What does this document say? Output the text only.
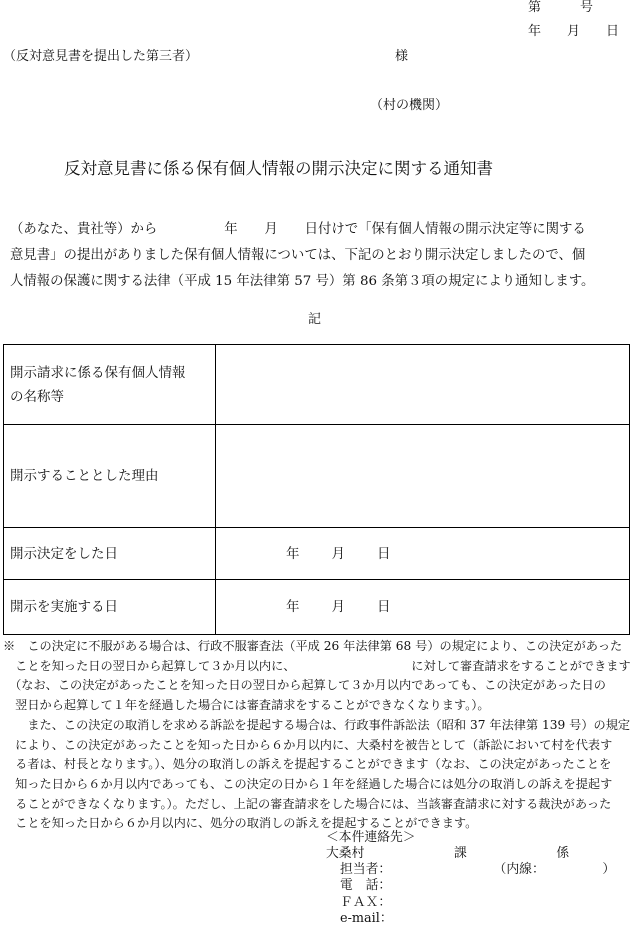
第　　　号
年　　月　　日
（反対意見書を提出した第三者）	様
（村の機関）
反対意見書に係る保有個人情報の開示決定に関する通知書

（あなた、貴社等）から　　　　　年　　月　　日付けで「保有個人情報の開示決定等に関する

意見書」の提出がありました保有個人情報については、下記のとおり開示決定しましたので、個

人情報の保護に関する法律（平成 15 年法律第 57 号）第 86 条第３項の規定により通知します。

記
開示請求に係る保有個人情報
の名称等	

開示することとした理由	
開示決定をした日	年 月 日
開示を実施する日	年 月 日

※　この決定に不服がある場合は、行政不服審査法（平成 26 年法律第 68 号）の規定により、この決定があった

　ことを知った日の翌日から起算して３か月以内に、　　　　　　　　　　に対して審査請求をすることができます

　（なお、この決定があったことを知った日の翌日から起算して３か月以内であっても、この決定があった日の

　翌日から起算して１年を経過した場合には審査請求をすることができなくなります。）。

　　また、この決定の取消しを求める訴訟を提起する場合は、行政事件訴訟法（昭和 37 年法律第 139 号）の規定

　により、この決定があったことを知った日から６か月以内に、大桑村を被告として（訴訟において村を代表す

　る者は、村長となります。）、処分の取消しの訴えを提起することができます（なお、この決定があったことを

　知った日から６か月以内であっても、この決定の日から１年を経過した場合には処分の取消しの訴えを提起す

　ることができなくなります。）。ただし、上記の審査請求をした場合には、当該審査請求に対する裁決があった

　ことを知った日から６か月以内に、処分の取消しの訴えを提起することができます。

＜本件連絡先＞

大桑村　　　　　　　課　　　　　　　係

担当者：　　　　　　　　　（内線：　　　　　）

電　話：

ＦＡＸ：

e-mail：
